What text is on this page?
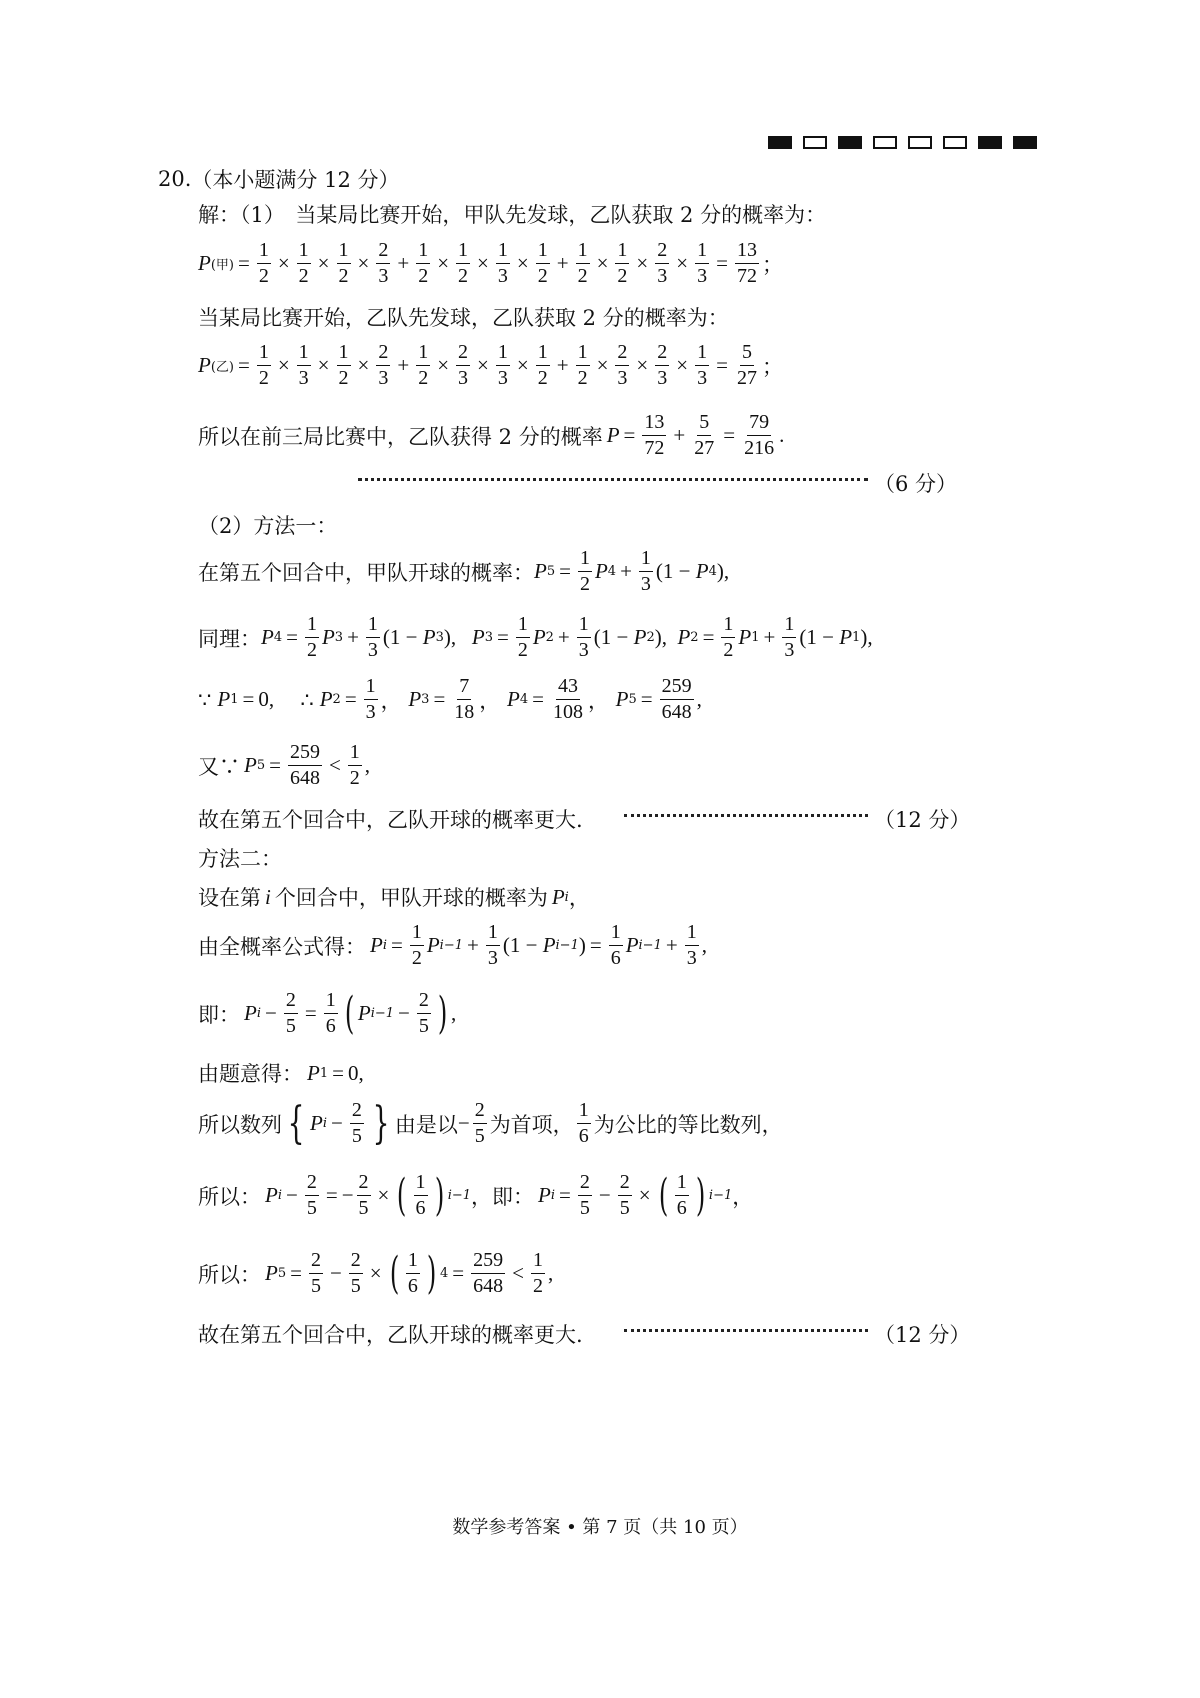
20. （本小题满分 12 分）
解：（1）　当某局比赛开始，甲队先发球，乙队获取 2 分的概率为：
P (甲) = $\frac{1}{2} \times \frac{1}{2} \times \frac{1}{2} \times \frac{2}{3} + \frac{1}{2} \times \frac{1}{2} \times \frac{1}{3} \times \frac{1}{2} + \frac{1}{2} \times \frac{1}{2} \times \frac{2}{3} \times \frac{1}{3} = \frac{13}{72}$ ；
当某局比赛开始，乙队先发球，乙队获取 2 分的概率为：
P (乙) = $\frac{1}{2} \times \frac{1}{3} \times \frac{1}{2} \times \frac{2}{3} + \frac{1}{2} \times \frac{2}{3} \times \frac{1}{3} \times \frac{1}{2} + \frac{1}{2} \times \frac{2}{3} \times \frac{2}{3} \times \frac{1}{3} = \frac{5}{27}$ ；
所以在前三局比赛中，乙队获得 2 分的概率 $P = \frac{13}{72} + \frac{5}{27} = \frac{79}{216}$ .
（6 分）
（2）方法一：
在第五个回合中，甲队开球的概率： P $5 = \frac{1}{2}$ P $4 + \frac{1}{3} (1 - P$ 4 ),
同理： P $4 = \frac{1}{2}$ P $3 + \frac{1}{3} (1 - P$ 3 ), P $3 = \frac{1}{2}$ P $2 + \frac{1}{3} (1 - P$ 2 ), P $2 = \frac{1}{2}$ P $1 + \frac{1}{3} (1 - P$ 1 ),
∵ P 1 = 0, ∴ P $2 = \frac{1}{3}$ ， P $3 = \frac{7}{18}$ ， P $4 = \frac{43}{108}$ ， P $5 = \frac{259}{648}$ ,
又∵ P $5 = \frac{259}{648} < \frac{1}{2}$ ,
故在第五个回合中，乙队开球的概率更大.	（12 分）
方法二：
设在第 i 个回合中，甲队开球的概率为 P i ，
由全概率公式得： P $i = \frac{1}{2}$ P $i-1 + \frac{1}{3} (1 - P$ i−1 ) = $\frac{1}{6}$ P $i-1 + \frac{1}{3}$ ,
即： P $i - \frac{2}{5} = \frac{1}{6}$ ( P $i-1 - \frac{2}{5}$ ) ,
由题意得： P 1 = 0,
所以数列 { P $i - \frac{2}{5}$ } 由是以 − $\frac{2}{5}$ 为首项， $\frac{1}{6}$ 为公比的等比数列，
所以： P $i - \frac{2}{5}$ = − $\frac{2}{5}$ × ( $\frac{1}{6}$ ) i−1 ，即： P $i = \frac{2}{5} - \frac{2}{5}$ × ( $\frac{1}{6}$ ) i−1 ，
所以： P $5 = \frac{2}{5} - \frac{2}{5}$ × ( $\frac{1}{6}$ ) $4 = \frac{259}{648} < \frac{1}{2}$ ,
故在第五个回合中，乙队开球的概率更大.	（12 分）
数学参考答案 • 第 7 页（共 10 页）
